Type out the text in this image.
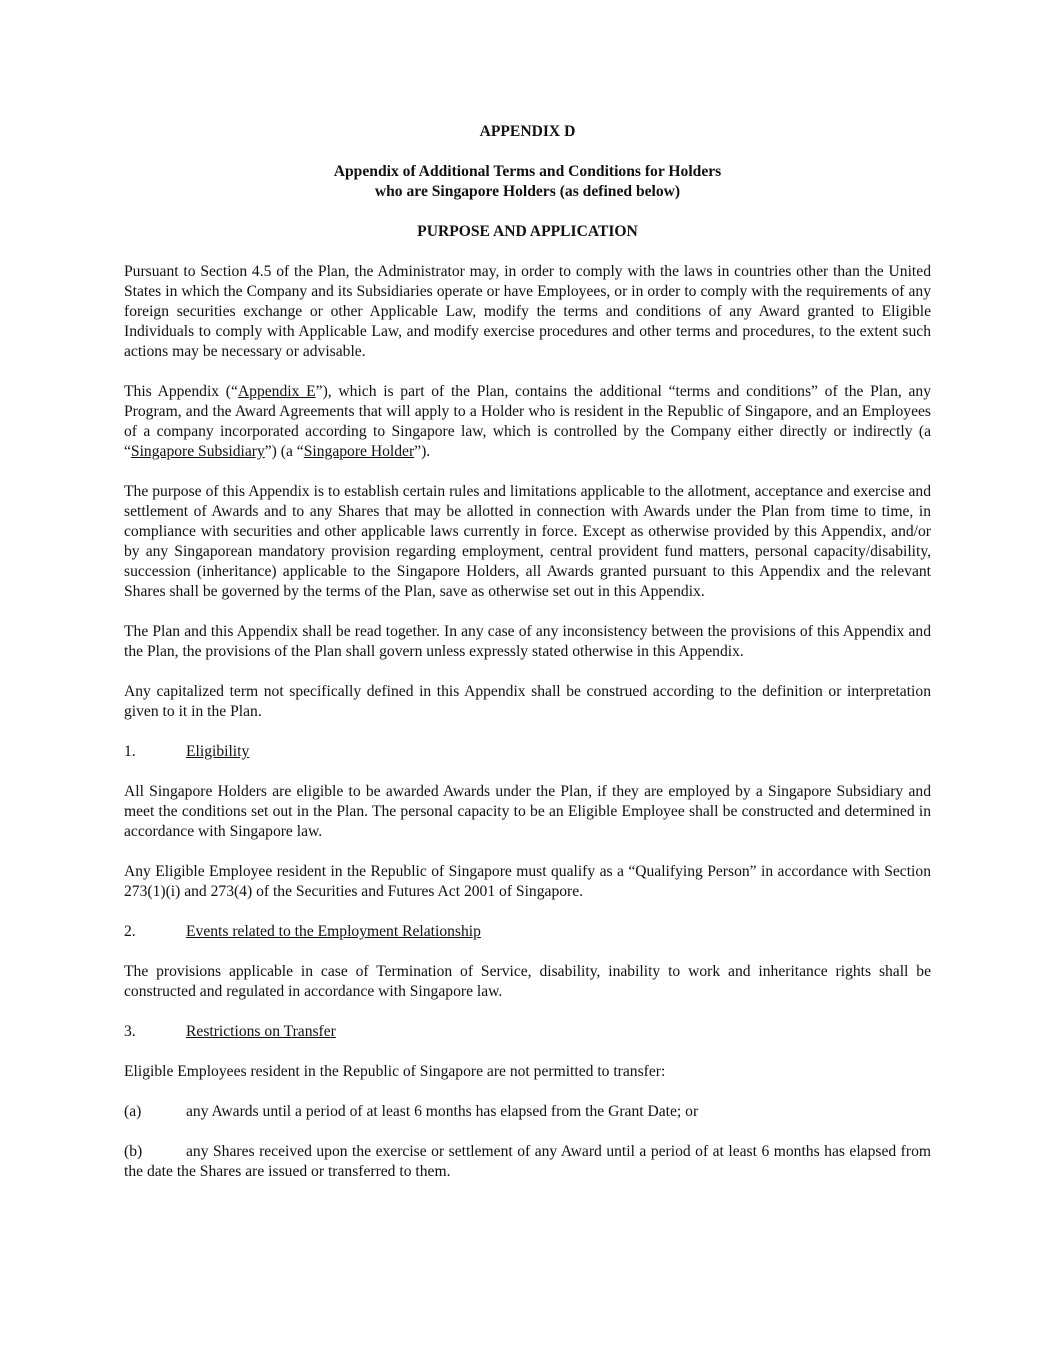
APPENDIX D
Appendix of Additional Terms and Conditions for Holders
who are Singapore Holders (as defined below)
PURPOSE AND APPLICATION

Pursuant to Section 4.5 of the Plan, the Administrator may, in order to comply with the laws in countries other than the United States in which the Company and its Subsidiaries operate or have Employees, or in order to comply with the requirements of any foreign securities exchange or other Applicable Law, modify the terms and conditions of any Award granted to Eligible Individuals to comply with Applicable Law, and modify exercise procedures and other terms and procedures, to the extent such actions may be necessary or advisable.

This Appendix (“Appendix E”), which is part of the Plan, contains the additional “terms and conditions” of the Plan, any Program, and the Award Agreements that will apply to a Holder who is resident in the Republic of Singapore, and an Employees of a company incorporated according to Singapore law, which is controlled by the Company either directly or indirectly (a “Singapore Subsidiary”) (a “Singapore Holder”).

The purpose of this Appendix is to establish certain rules and limitations applicable to the allotment, acceptance and exercise and settlement of Awards and to any Shares that may be allotted in connection with Awards under the Plan from time to time, in compliance with securities and other applicable laws currently in force. Except as otherwise provided by this Appendix, and/or by any Singaporean mandatory provision regarding employment, central provident fund matters, personal capacity/disability, succession (inheritance) applicable to the Singapore Holders, all Awards granted pursuant to this Appendix and the relevant Shares shall be governed by the terms of the Plan, save as otherwise set out in this Appendix.

The Plan and this Appendix shall be read together. In any case of any inconsistency between the provisions of this Appendix and the Plan, the provisions of the Plan shall govern unless expressly stated otherwise in this Appendix.

Any capitalized term not specifically defined in this Appendix shall be construed according to the definition or interpretation given to it in the Plan.

1.	Eligibility

All Singapore Holders are eligible to be awarded Awards under the Plan, if they are employed by a Singapore Subsidiary and meet the conditions set out in the Plan. The personal capacity to be an Eligible Employee shall be constructed and determined in accordance with Singapore law.

Any Eligible Employee resident in the Republic of Singapore must qualify as a “Qualifying Person” in accordance with Section 273(1)(i) and 273(4) of the Securities and Futures Act 2001 of Singapore.

2.	Events related to the Employment Relationship

The provisions applicable in case of Termination of Service, disability, inability to work and inheritance rights shall be constructed and regulated in accordance with Singapore law.

3.	Restrictions on Transfer

Eligible Employees resident in the Republic of Singapore are not permitted to transfer:

(a)	any Awards until a period of at least 6 months has elapsed from the Grant Date; or
(b)	any Shares received upon the exercise or settlement of any Award until a period of at least 6 months has elapsed from the date the Shares are issued or transferred to them.
